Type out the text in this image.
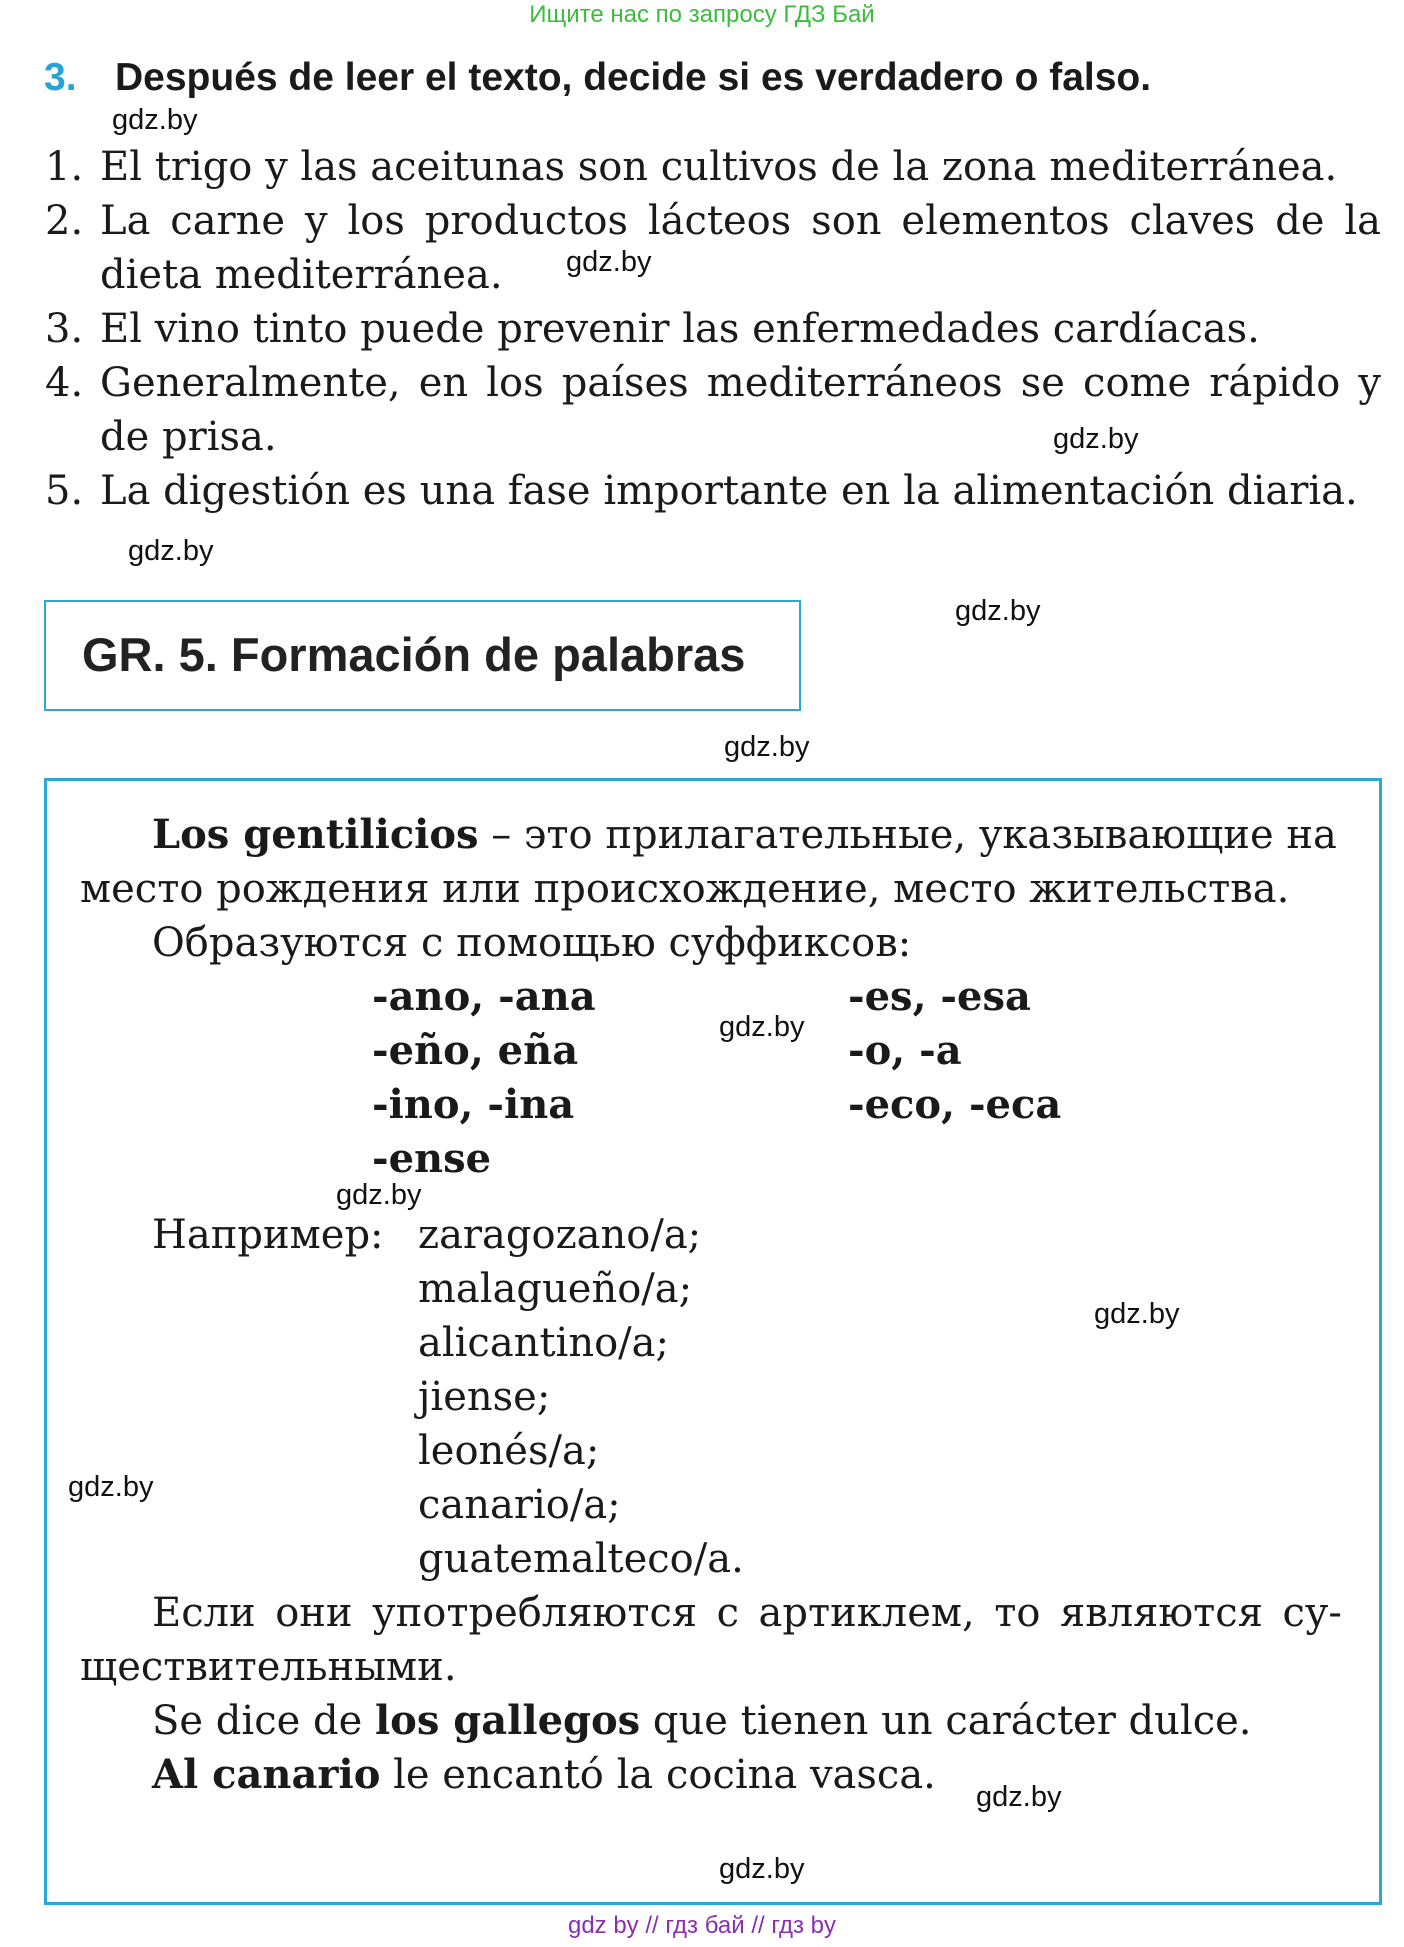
Ищите нас по запросу ГДЗ Бай
3. Después de leer el texto, decide si es verdadero o falso.
1. El trigo y las aceitunas son cultivos de la zona mediterránea.
2. La carne y los productos lácteos son elementos claves de la
dieta mediterránea.
3. El vino tinto puede prevenir las enfermedades cardíacas.
4. Generalmente, en los países mediterráneos se come rápido y
de prisa.
5. La digestión es una fase importante en la alimentación diaria.
GR. 5. Formación de palabras
Los gentilicios – это прилагательные, указывающие на
место рождения или происхождение, место жительства.
Образуются с помощью суффиксов:
-ano, -ana
-eño, eña
-ino, -ina
-ense
-es, -esa
-o, -a
-eco, -eca
Например: zaragozano/a;
malagueño/a;
alicantino/a;
jiense;
leonés/a;
canario/a;
guatemalteco/a.
Если они употребляются с артиклем, то являются су-
ществительными.
Se dice de los gallegos que tienen un carácter dulce.
Al canario le encantó la cocina vasca.
gdz.by
gdz.by
gdz.by
gdz.by
gdz.by
gdz.by
gdz.by
gdz.by
gdz.by
gdz.by
gdz.by
gdz.by
gdz by // гдз бай // гдз by
